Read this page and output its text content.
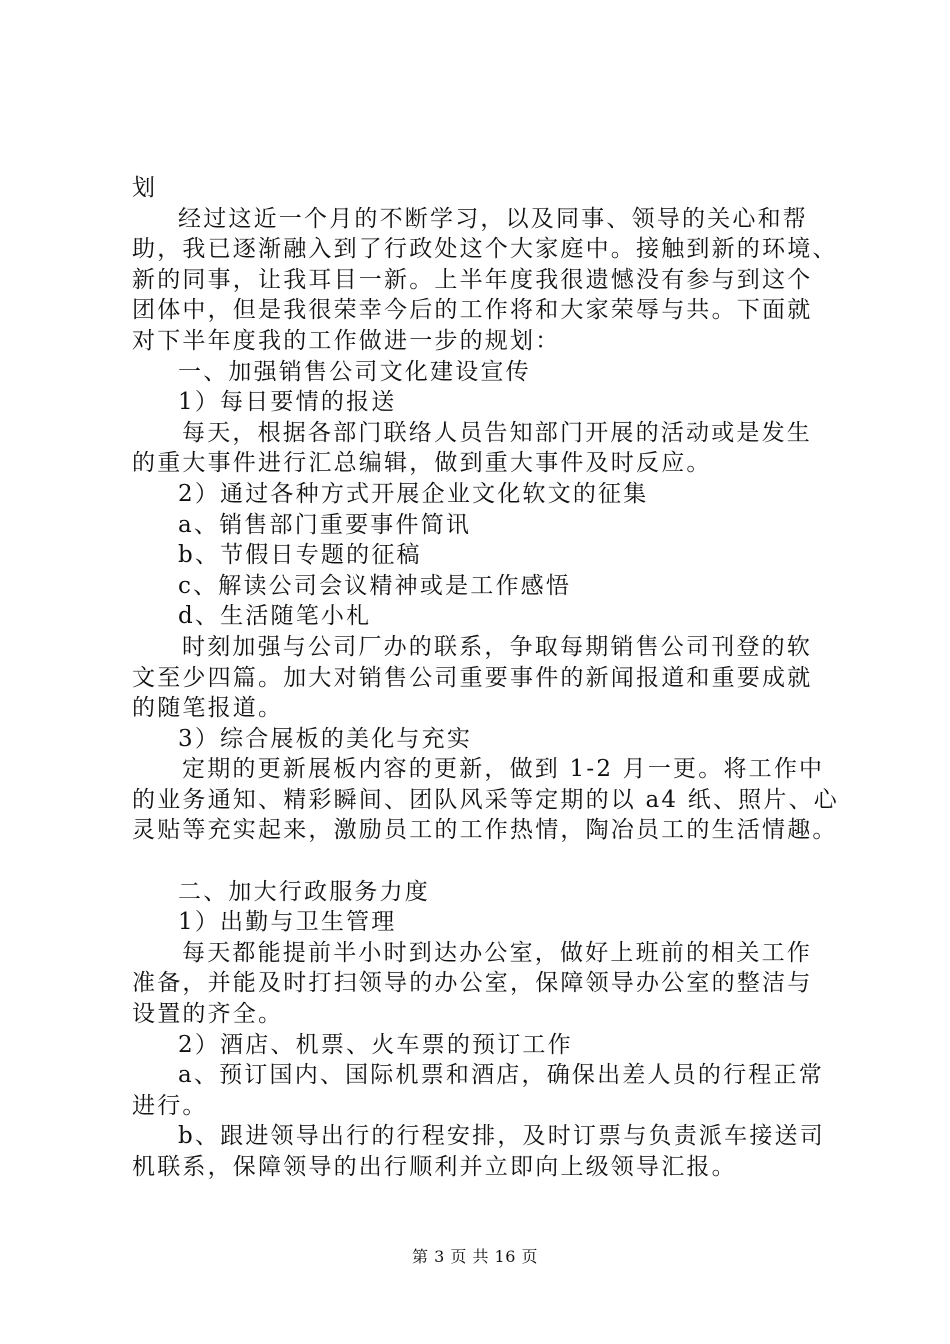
划
经过这近一个月的不断学习，以及同事、领导的关心和帮
助，我已逐渐融入到了行政处这个大家庭中。接触到新的环境、
新的同事，让我耳目一新。上半年度我很遗憾没有参与到这个
团体中，但是我很荣幸今后的工作将和大家荣辱与共。下面就
对下半年度我的工作做进一步的规划：
一、加强销售公司文化建设宣传
1）每日要情的报送
每天，根据各部门联络人员告知部门开展的活动或是发生
的重大事件进行汇总编辑，做到重大事件及时反应。
2）通过各种方式开展企业文化软文的征集
a、销售部门重要事件简讯
b、节假日专题的征稿
c、解读公司会议精神或是工作感悟
d、生活随笔小札
时刻加强与公司厂办的联系，争取每期销售公司刊登的软
文至少四篇。加大对销售公司重要事件的新闻报道和重要成就
的随笔报道。
3）综合展板的美化与充实
定期的更新展板内容的更新，做到 1-2 月一更。将工作中
的业务通知、精彩瞬间、团队风采等定期的以 a4 纸、照片、心
灵贴等充实起来，激励员工的工作热情，陶冶员工的生活情趣。
二、加大行政服务力度
1）出勤与卫生管理
每天都能提前半小时到达办公室，做好上班前的相关工作
准备，并能及时打扫领导的办公室，保障领导办公室的整洁与
设置的齐全。
2）酒店、机票、火车票的预订工作
a、预订国内、国际机票和酒店，确保出差人员的行程正常
进行。
b、跟进领导出行的行程安排，及时订票与负责派车接送司
机联系，保障领导的出行顺利并立即向上级领导汇报。
第 3 页 共 16 页
